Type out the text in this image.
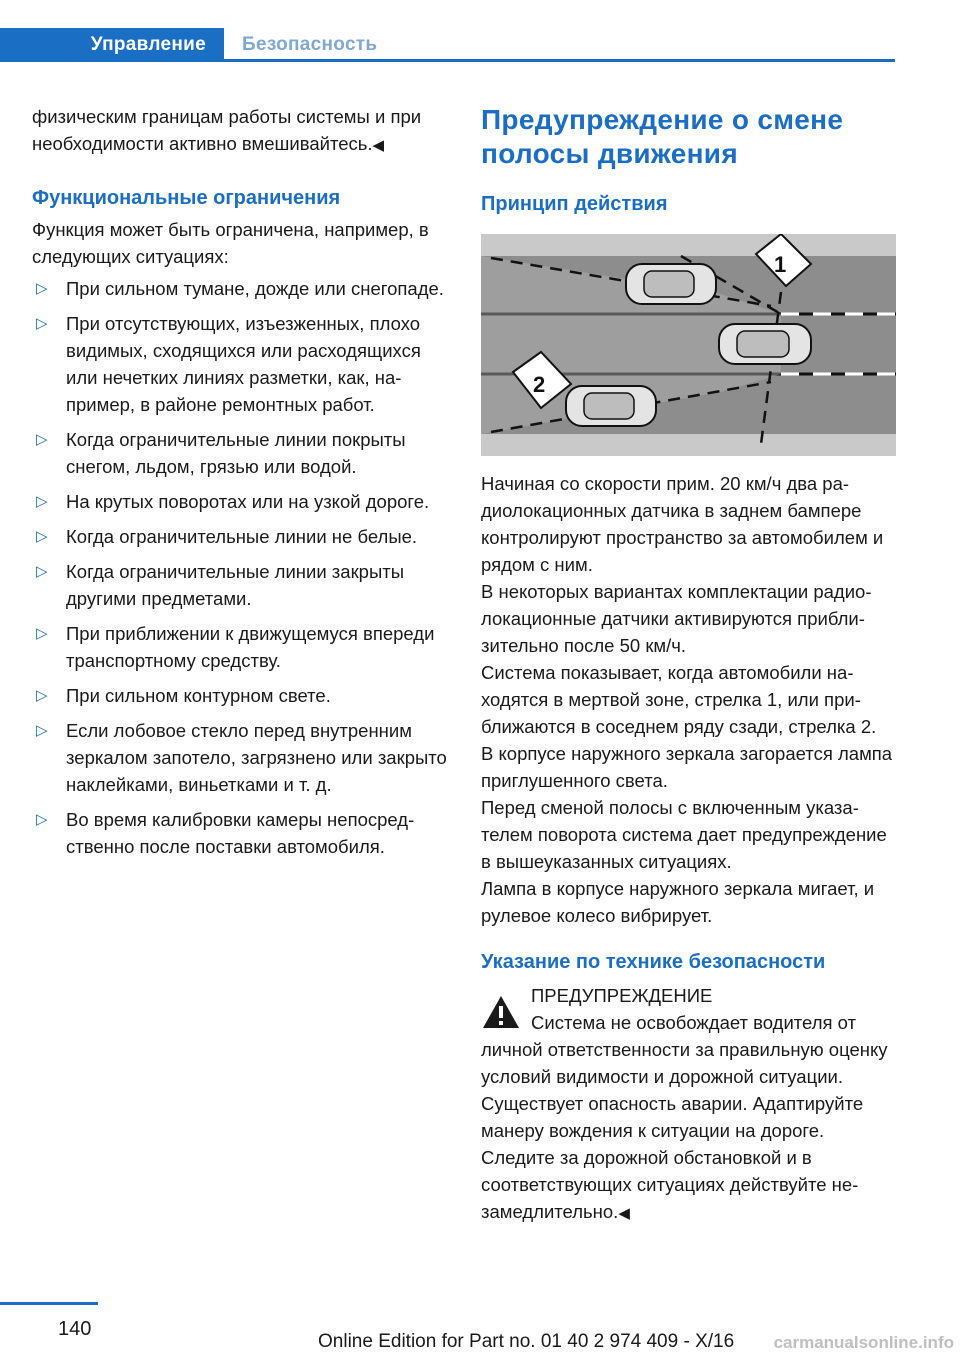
Управление Безопасность

физическим границам работы системы и при необходимости активно вмешивайтесь.◀

Функциональные ограничения

Функция может быть ограничена, например, в следующих ситуациях:

▷ При сильном тумане, дожде или снегопаде.
▷ При отсутствующих, изъезженных, плохо видимых, сходящихся или расходящихся или нечетких линиях разметки, как, например, в районе ремонтных работ.
▷ Когда ограничительные линии покрыты снегом, льдом, грязью или водой.
▷ На крутых поворотах или на узкой дороге.
▷ Когда ограничительные линии не белые.
▷ Когда ограничительные линии закрыты другими предметами.
▷ При приближении к движущемуся впереди транспортному средству.
▷ При сильном контурном свете.
▷ Если лобовое стекло перед внутренним зеркалом запотело, загрязнено или закрыто наклейками, виньетками и т. д.
▷ Во время калибровки камеры непосредственно после поставки автомобиля.
Предупреждение о смене полосы движения
Принцип действия
1
2

Начиная со скорости прим. 20 км/ч два радиолокационных датчика в заднем бампере контролируют пространство за автомобилем и рядом с ним.

В некоторых вариантах комплектации радиолокационные датчики активируются приблизительно после 50 км/ч.

Система показывает, когда автомобили находятся в мертвой зоне, стрелка 1, или приближаются в соседнем ряду сзади, стрелка 2.

В корпусе наружного зеркала загорается лампа приглушенного света.

Перед сменой полосы с включенным указателем поворота система дает предупреждение в вышеуказанных ситуациях.

Лампа в корпусе наружного зеркала мигает, и рулевое колесо вибрирует.

Указание по технике безопасности

ПРЕДУПРЕЖДЕНИЕ

Система не освобождает водителя от личной ответственности за правильную оценку условий видимости и дорожной ситуации. Существует опасность аварии. Адаптируйте манеру вождения к ситуации на дороге. Следите за дорожной обстановкой и в соответствующих ситуациях действуйте незамедлительно.◀

140
Online Edition for Part no. 01 40 2 974 409 - X/16 carmanualsonline.info
